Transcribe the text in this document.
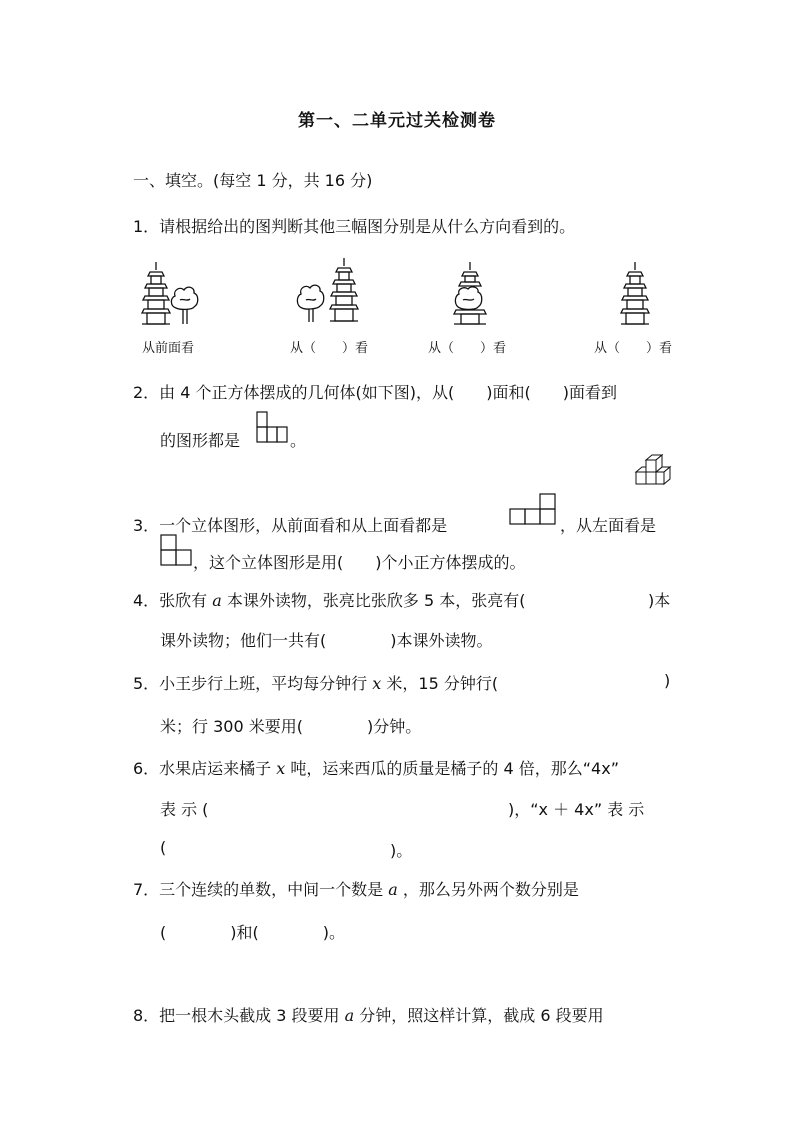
第一、二单元过关检测卷
一、填空。(每空 1 分，共 16 分)
1．请根据给出的图判断其他三幅图分别是从什么方向看到的。
从前面看	从（　　）看	从（　　）看	从（　　）看
2．由 4 个正方体摆成的几何体(如下图)，从(　　)面和(　　)面看到
的图形都是	。
3．一个立体图形，从前面看和从上面看都是	，从左面看是
，这个立体图形是用(　　)个小正方体摆成的。
4．张欣有 a 本课外读物，张亮比张欣多 5 本，张亮有(	)本
课外读物；他们一共有(　　　　)本课外读物。
5．小王步行上班，平均每分钟行 x 米，15 分钟行(	)
米；行 300 米要用(　　　　)分钟。
6．水果店运来橘子 x 吨，运来西瓜的质量是橘子的 4 倍，那么“4x”
表 示 (	)，“x ＋ 4x” 表 示
(	)。
7．三个连续的单数，中间一个数是 a ，那么另外两个数分别是
(　　　　)和(　　　　)。
8．把一根木头截成 3 段要用 a 分钟，照这样计算，截成 6 段要用
